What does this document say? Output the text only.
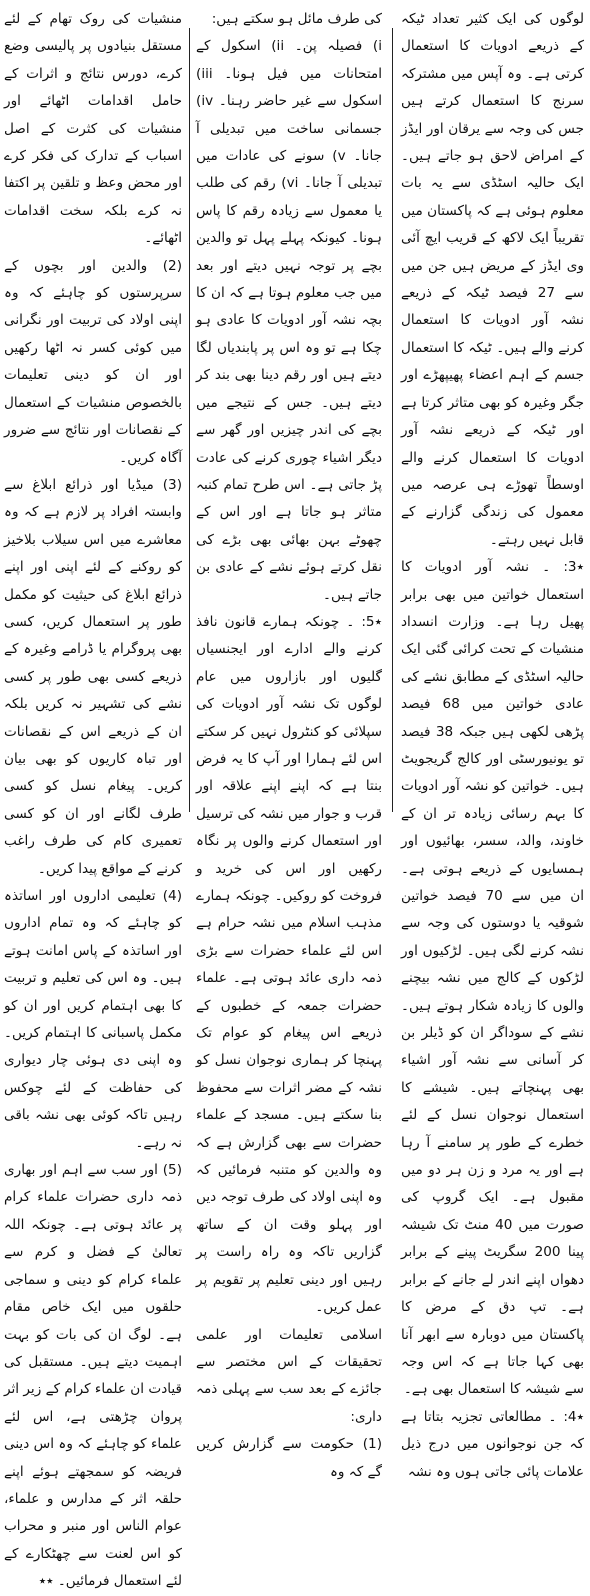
لوگوں کی ایک کثیر تعداد ٹیکہ کے ذریعے ادویات کا استعمال کرتی ہے۔ وہ آپس میں مشترکہ سرنج کا استعمال کرتے ہیں جس کی وجہ سے یرقان اور ایڈز کے امراض لاحق ہو جاتے ہیں۔ ایک حالیہ اسٹڈی سے یہ بات معلوم ہوئی ہے کہ پاکستان میں تقریباً ایک لاکھ کے قریب ایچ آئی وی ایڈز کے مریض ہیں جن میں سے 27 فیصد ٹیکہ کے ذریعے نشہ آور ادویات کا استعمال کرنے والے ہیں۔ ٹیکہ کا استعمال جسم کے اہم اعضاء پھیپھڑے اور جگر وغیرہ کو بھی متاثر کرتا ہے اور ٹیکہ کے ذریعے نشہ آور ادویات کا استعمال کرنے والے اوسطاً تھوڑے ہی عرصہ میں معمول کی زندگی گزارنے کے قابل نہیں رہتے۔

٭3: ۔ نشہ آور ادویات کا استعمال خواتین میں بھی برابر پھیل رہا ہے۔ وزارت انسداد منشیات کے تحت کرائی گئی ایک حالیہ اسٹڈی کے مطابق نشے کی عادی خواتین میں 68 فیصد پڑھی لکھی ہیں جبکہ 38 فیصد تو یونیورسٹی اور کالج گریجویٹ ہیں۔ خواتین کو نشہ آور ادویات کا بہم رسائی زیادہ تر ان کے خاوند، والد، سسر، بھائیوں اور ہمسایوں کے ذریعے ہوتی ہے۔ ان میں سے 70 فیصد خواتین شوقیہ یا دوستوں کی وجہ سے نشہ کرنے لگی ہیں۔ لڑکیوں اور لڑکوں کے کالج میں نشہ بیچنے والوں کا زیادہ شکار ہوتے ہیں۔ نشے کے سوداگر ان کو ڈیلر بن کر آسانی سے نشہ آور اشیاء بھی پہنچاتے ہیں۔ شیشے کا استعمال نوجوان نسل کے لئے خطرے کے طور پر سامنے آ رہا ہے اور یہ مرد و زن ہر دو میں مقبول ہے۔ ایک گروپ کی صورت میں 40 منٹ تک شیشہ پینا 200 سگریٹ پینے کے برابر دھواں اپنے اندر لے جانے کے برابر ہے۔ تپ دق کے مرض کا پاکستان میں دوبارہ سے ابھر آنا بھی کہا جاتا ہے کہ اس وجہ سے شیشہ کا استعمال بھی ہے۔

٭4: ۔ مطالعاتی تجزیہ بتاتا ہے کہ جن نوجوانوں میں درج ذیل علامات پائی جاتی ہوں وہ نشہ

کی طرف مائل ہو سکتے ہیں:

i) فصیلہ پن۔ ii) اسکول کے امتحانات میں فیل ہونا۔ iii) اسکول سے غیر حاضر رہنا۔ iv) جسمانی ساخت میں تبدیلی آ جانا۔ v) سونے کی عادات میں تبدیلی آ جانا۔ vi) رقم کی طلب یا معمول سے زیادہ رقم کا پاس ہونا۔ کیونکہ پہلے پہل تو والدین بچے پر توجہ نہیں دیتے اور بعد میں جب معلوم ہوتا ہے کہ ان کا بچہ نشہ آور ادویات کا عادی ہو چکا ہے تو وہ اس پر پابندیاں لگا دیتے ہیں اور رقم دینا بھی بند کر دیتے ہیں۔ جس کے نتیجے میں بچے کی اندر چیزیں اور گھر سے دیگر اشیاء چوری کرنے کی عادت پڑ جاتی ہے۔ اس طرح تمام کنبہ متاثر ہو جاتا ہے اور اس کے چھوٹے بہن بھائی بھی بڑے کی نقل کرتے ہوئے نشے کے عادی بن جاتے ہیں۔

٭5: ۔ چونکہ ہمارے قانون نافذ کرنے والے ادارے اور ایجنسیاں گلیوں اور بازاروں میں عام لوگوں تک نشہ آور ادویات کی سپلائی کو کنٹرول نہیں کر سکتے اس لئے ہمارا اور آپ کا یہ فرض بنتا ہے کہ اپنے اپنے علاقہ اور قرب و جوار میں نشہ کی ترسیل اور استعمال کرنے والوں پر نگاہ رکھیں اور اس کی خرید و فروخت کو روکیں۔ چونکہ ہمارے مذہب اسلام میں نشہ حرام ہے اس لئے علماء حضرات سے بڑی ذمہ داری عائد ہوتی ہے۔ علماء حضرات جمعہ کے خطبوں کے ذریعے اس پیغام کو عوام تک پہنچا کر ہماری نوجوان نسل کو نشہ کے مضر اثرات سے محفوظ بنا سکتے ہیں۔ مسجد کے علماء حضرات سے بھی گزارش ہے کہ وہ والدین کو متنبہ فرمائیں کہ وہ اپنی اولاد کی طرف توجہ دیں اور پہلو وقت ان کے ساتھ گزاریں تاکہ وہ راہ راست پر رہیں اور دینی تعلیم پر تقویم پر عمل کریں۔

اسلامی تعلیمات اور علمی تحقیقات کے اس مختصر سے جائزے کے بعد سب سے پہلی ذمہ داری:

(1) حکومت سے گزارش کریں گے کہ وہ

منشیات کی روک تھام کے لئے مستقل بنیادوں پر پالیسی وضع کرے، دورس نتائج و اثرات کے حامل اقدامات اٹھائے اور منشیات کی کثرت کے اصل اسباب کے تدارک کی فکر کرے اور محض وعظ و تلقین پر اکتفا نہ کرے بلکہ سخت اقدامات اٹھائے۔

(2) والدین اور بچوں کے سرپرستوں کو چاہئے کہ وہ اپنی اولاد کی تربیت اور نگرانی میں کوئی کسر نہ اٹھا رکھیں اور ان کو دینی تعلیمات بالخصوص منشیات کے استعمال کے نقصانات اور نتائج سے ضرور آگاہ کریں۔

(3) میڈیا اور ذرائع ابلاغ سے وابستہ افراد پر لازم ہے کہ وہ معاشرے میں اس سیلاب بلاخیز کو روکنے کے لئے اپنی اور اپنے ذرائع ابلاغ کی حیثیت کو مکمل طور پر استعمال کریں، کسی بھی پروگرام یا ڈرامے وغیرہ کے ذریعے کسی بھی طور پر کسی نشے کی تشہیر نہ کریں بلکہ ان کے ذریعے اس کے نقصانات اور تباہ کاریوں کو بھی بیان کریں۔ پیغام نسل کو کسی طرف لگانے اور ان کو کسی تعمیری کام کی طرف راغب کرنے کے مواقع پیدا کریں۔

(4) تعلیمی اداروں اور اساتذہ کو چاہئے کہ وہ تمام اداروں اور اساتذہ کے پاس امانت ہوتے ہیں۔ وہ اس کی تعلیم و تربیت کا بھی اہتمام کریں اور ان کو مکمل پاسبانی کا اہتمام کریں۔ وہ اپنی دی ہوئی چار دیواری کی حفاظت کے لئے چوکس رہیں تاکہ کوئی بھی نشہ باقی نہ رہے۔

(5) اور سب سے اہم اور بھاری ذمہ داری حضرات علماء کرام پر عائد ہوتی ہے۔ چونکہ اللہ تعالیٰ کے فضل و کرم سے علماء کرام کو دینی و سماجی حلقوں میں ایک خاص مقام ہے۔ لوگ ان کی بات کو بہت اہمیت دیتے ہیں۔ مستقبل کی قیادت ان علماء کرام کے زیر اثر پروان چڑھتی ہے، اس لئے علماء کو چاہئے کہ وہ اس دینی فریضہ کو سمجھتے ہوئے اپنے حلقہ اثر کے مدارس و علماء، عوام الناس اور منبر و محراب کو اس لعنت سے چھٹکارے کے لئے استعمال فرمائیں۔ ٭٭
